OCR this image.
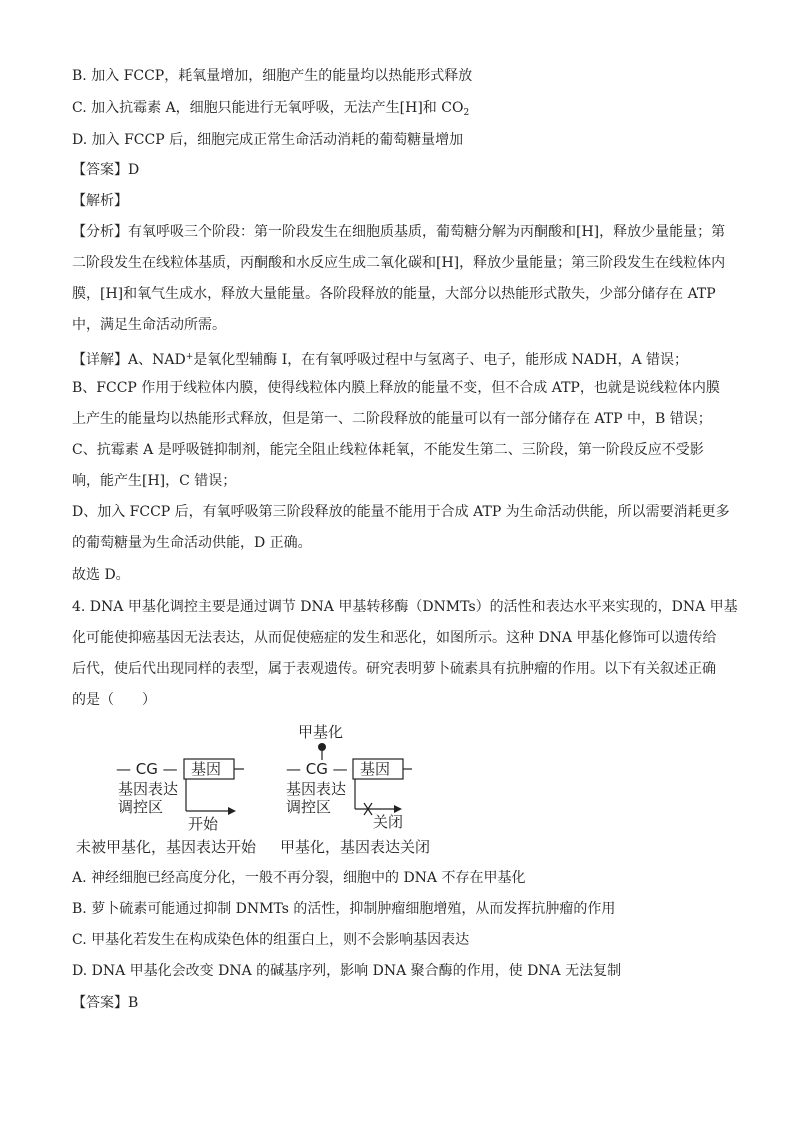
B. 加入 FCCP，耗氧量增加，细胞产生的能量均以热能形式释放
C. 加入抗霉素 A，细胞只能进行无氧呼吸，无法产生[H]和 $CO_2$
D. 加入 FCCP 后，细胞完成正常生命活动消耗的葡萄糖量增加
【答案】D
【解析】
【分析】有氧呼吸三个阶段：第一阶段发生在细胞质基质，葡萄糖分解为丙酮酸和[H]，释放少量能量；第
二阶段发生在线粒体基质，丙酮酸和水反应生成二氧化碳和[H]，释放少量能量；第三阶段发生在线粒体内
膜，[H]和氧气生成水，释放大量能量。各阶段释放的能量，大部分以热能形式散失，少部分储存在 ATP
中，满足生命活动所需。
【详解】A、NAD+是氧化型辅酶 I，在有氧呼吸过程中与氢离子、电子，能形成 NADH，A 错误；
B、FCCP 作用于线粒体内膜，使得线粒体内膜上释放的能量不变，但不合成 ATP，也就是说线粒体内膜
上产生的能量均以热能形式释放，但是第一、二阶段释放的能量可以有一部分储存在 ATP 中，B 错误；
C、抗霉素 A 是呼吸链抑制剂，能完全阻止线粒体耗氧，不能发生第二、三阶段，第一阶段反应不受影
响，能产生[H]，C 错误；
D、加入 FCCP 后，有氧呼吸第三阶段释放的能量不能用于合成 ATP 为生命活动供能，所以需要消耗更多
的葡萄糖量为生命活动供能，D 正确。
故选 D。
4. DNA 甲基化调控主要是通过调节 DNA 甲基转移酶（DNMTs）的活性和表达水平来实现的，DNA 甲基
化可能使抑癌基因无法表达，从而促使癌症的发生和恶化，如图所示。这种 DNA 甲基化修饰可以遗传给
后代，使后代出现同样的表型，属于表观遗传。研究表明萝卜硫素具有抗肿瘤的作用。以下有关叙述正确
的是（　　）
— CG — 基因
基因表达
调控区
开始
甲基化
— CG — 基因
基因表达
调控区
关闭
未被甲基化，基因表达开始 甲基化，基因表达关闭
A. 神经细胞已经高度分化，一般不再分裂，细胞中的 DNA 不存在甲基化
B. 萝卜硫素可能通过抑制 DNMTs 的活性，抑制肿瘤细胞增殖，从而发挥抗肿瘤的作用
C. 甲基化若发生在构成染色体的组蛋白上，则不会影响基因表达
D. DNA 甲基化会改变 DNA 的碱基序列，影响 DNA 聚合酶的作用，使 DNA 无法复制
【答案】B
